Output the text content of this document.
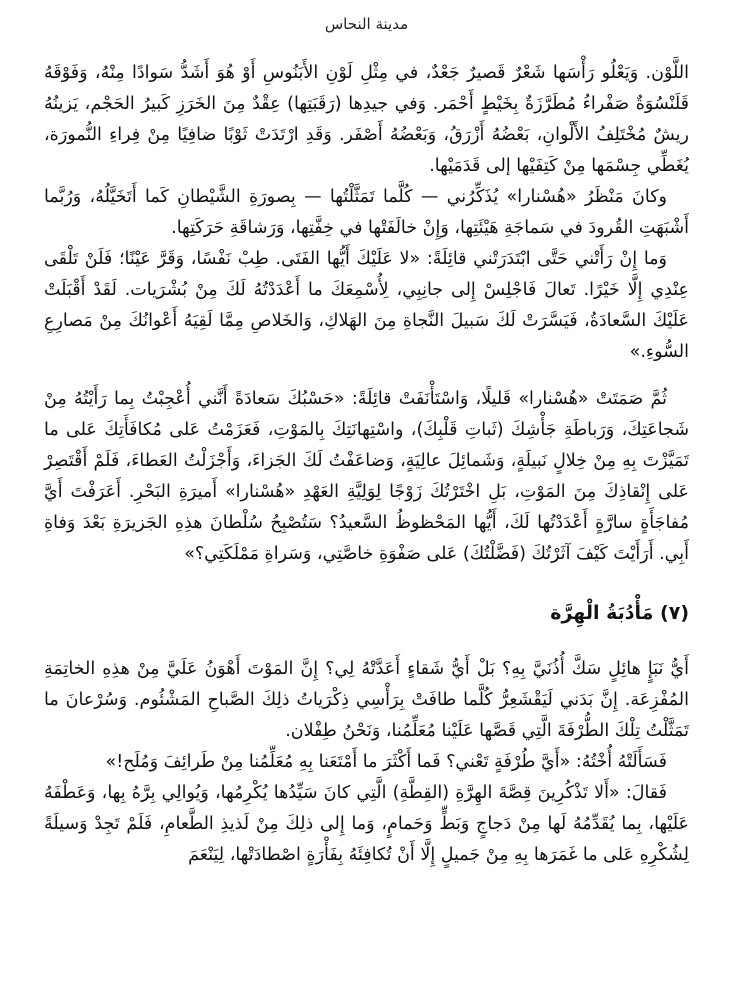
مدينة النحاس

اللَّوْن. وَيَعْلُو رَأْسَها شَعْرٌ قَصيرٌ جَعْدٌ، في مِثْلِ لَوْنِ الأَبَنُوسِ أَوْ هُوَ أَشَدُّ سَوادًا مِنْهُ، وَفَوْقَهُ قَلَنْسُوَةٌ صَفْراءُ مُطَرَّزَةٌ بِخَيْطٍ أَحْمَر. وَفي جيدِها (رَقَبَتِها) عِقْدٌ مِنَ الخَرَزِ كَبيرُ الحَجْم، يَزينُهُ ريشٌ مُخْتَلِفُ الأَلْوانِ، بَعْضُهُ أَزْرَقُ، وَبَعْضُهُ أَصْفَر. وَقَدِ ارْتَدَتْ ثَوْبًا ضافِيًا مِنْ فِراءِ النُّمورَة، يُغَطِّي جِسْمَها مِنْ كَتِفَيْها إلى قَدَمَيْها.

وكانَ مَنْظَرُ «هُسْنارا» يُذَكِّرُني — كُلَّما تَمَثَّلْتُها — بِصورَةِ الشَّيْطانِ كَما أَتَخَيَّلُهُ، وَرُبَّما أَشْبَهَتِ القُرودَ في سَماجَةِ هَيْئَتِها، وَإِنْ خالَفَتْها في خِفَّتِها، وَرَشاقَةِ حَرَكَتِها.

وَما إِنْ رَأَتْني حَتَّى ابْتَدَرَتْني قائِلَةً: «لا عَلَيْكَ أَيُّها الفَتَى. طِبْ نَفْسًا، وَقَرَّ عَيْنًا؛ فَلَنْ تَلْقَى عِنْدِي إِلَّا خَيْرًا. تَعالَ فَاجْلِسْ إِلى جانِبِي، لِأُسْمِعَكَ ما أَعْدَدْتُهُ لَكَ مِنْ بُشْرَيات. لَقَدْ أَقْبَلَتْ عَلَيْكَ السَّعادَةُ، فَيَسَّرَتْ لَكَ سَبيلَ النَّجاةِ مِنَ الهَلاكِ، وَالخَلاصِ مِمَّا لَقِيَهُ أَعْوانُكَ مِنْ مَصارِعِ السُّوءِ.»

ثُمَّ صَمَتَتْ «هُسْنارا» قَليلًا، وَاسْتَأْنَفَتْ قائِلَةً: «حَسْبُكَ سَعادَةً أَنَّني أُعْجِبْتُ بِما رَأَيْتُهُ مِنْ شَجاعَتِكَ، وَرَباطَةِ جَأْشِكَ (ثَباتِ قَلْبِكَ)، واسْتِهانَتِكَ بِالمَوْتِ، فَعَزَمْتُ عَلى مُكافَأَتِكَ عَلى ما تَمَيَّزْتَ بِهِ مِنْ خِلالٍ نَبيلَةٍ، وَشَمائِلَ عالِيَةٍ، وَضاعَفْتُ لَكَ الجَزاءَ، وَأَجْزَلْتُ العَطاءَ، فَلَمْ أَقْتَصِرْ عَلى إِنْقاذِكَ مِنَ المَوْتِ، بَلِ اخْتَرْتُكَ زَوْجًا لِوَلِيَّةِ العَهْدِ «هُسْنارا» أَميرَةِ البَحْرِ. أَعَرَفْتَ أَيَّ مُفاجَأَةٍ سارَّةٍ أَعْدَدْتُها لَكَ، أَيُّها المَحْظوظُ السَّعيدُ؟ سَتُصْبِحُ سُلْطانَ هذِهِ الجَزيرَةِ بَعْدَ وَفاةِ أَبِي. أَرَأَيْتَ كَيْفَ آثَرْتُكَ (فَضَّلْتُكَ) عَلى صَفْوَةِ خاصَّتِي، وَسَراةِ مَمْلَكَتِي؟»

(٧) مَأْدُبَةُ الْهِرَّة

أَيُّ نَبَإٍ هائِلٍ سَكَّ أُذُنَيَّ بِهِ؟ بَلْ أَيُّ شَقاءٍ أَعَدَّتْهُ لِي؟ إِنَّ المَوْتَ أَهْوَنُ عَلَيَّ مِنْ هذِهِ الخاتِمَةِ المُفْزِعَة. إِنَّ بَدَني لَيَقْشَعِرُّ كُلَّما طافَتْ بِرَأْسِي ذِكْرَياتُ ذلِكَ الصَّباحِ المَشْئُوم. وَسُرْعانَ ما تَمَثَّلْتُ تِلْكَ الطُّرْفَةَ الَّتِي قَصَّها عَلَيْنا مُعَلِّمُنا، وَنَحْنُ طِفْلان.

فَسَأَلَتْهُ أُخْتُهُ: «أَيَّ طُرْفَةٍ تَعْني؟ فَما أَكْثَرَ ما أَمْتَعَنا بِهِ مُعَلِّمُنا مِنْ طَرائِفَ وَمُلَح!»

فَقالَ: «أَلا تَذْكُرِينَ قِصَّةَ الهِرَّةِ (القِطَّةِ) الَّتِي كانَ سَيِّدُها يُكْرِمُها، وَيُوالِي بِرَّهُ بِها، وَعَطْفَهُ عَلَيْها، بِما يُقَدِّمُهُ لَها مِنْ دَجاجٍ وَبَطٍّ وَحَمامٍ، وَما إِلى ذلِكَ مِنْ لَذيذِ الطَّعامِ، فَلَمْ تَجِدْ وَسيلَةً لِشُكْرِهِ عَلى ما غَمَرَها بِهِ مِنْ جَميلٍ إِلَّا أَنْ تُكافِئَهُ بِفَأْرَةٍ اصْطادَتْها، لِيَنْعَمَ
